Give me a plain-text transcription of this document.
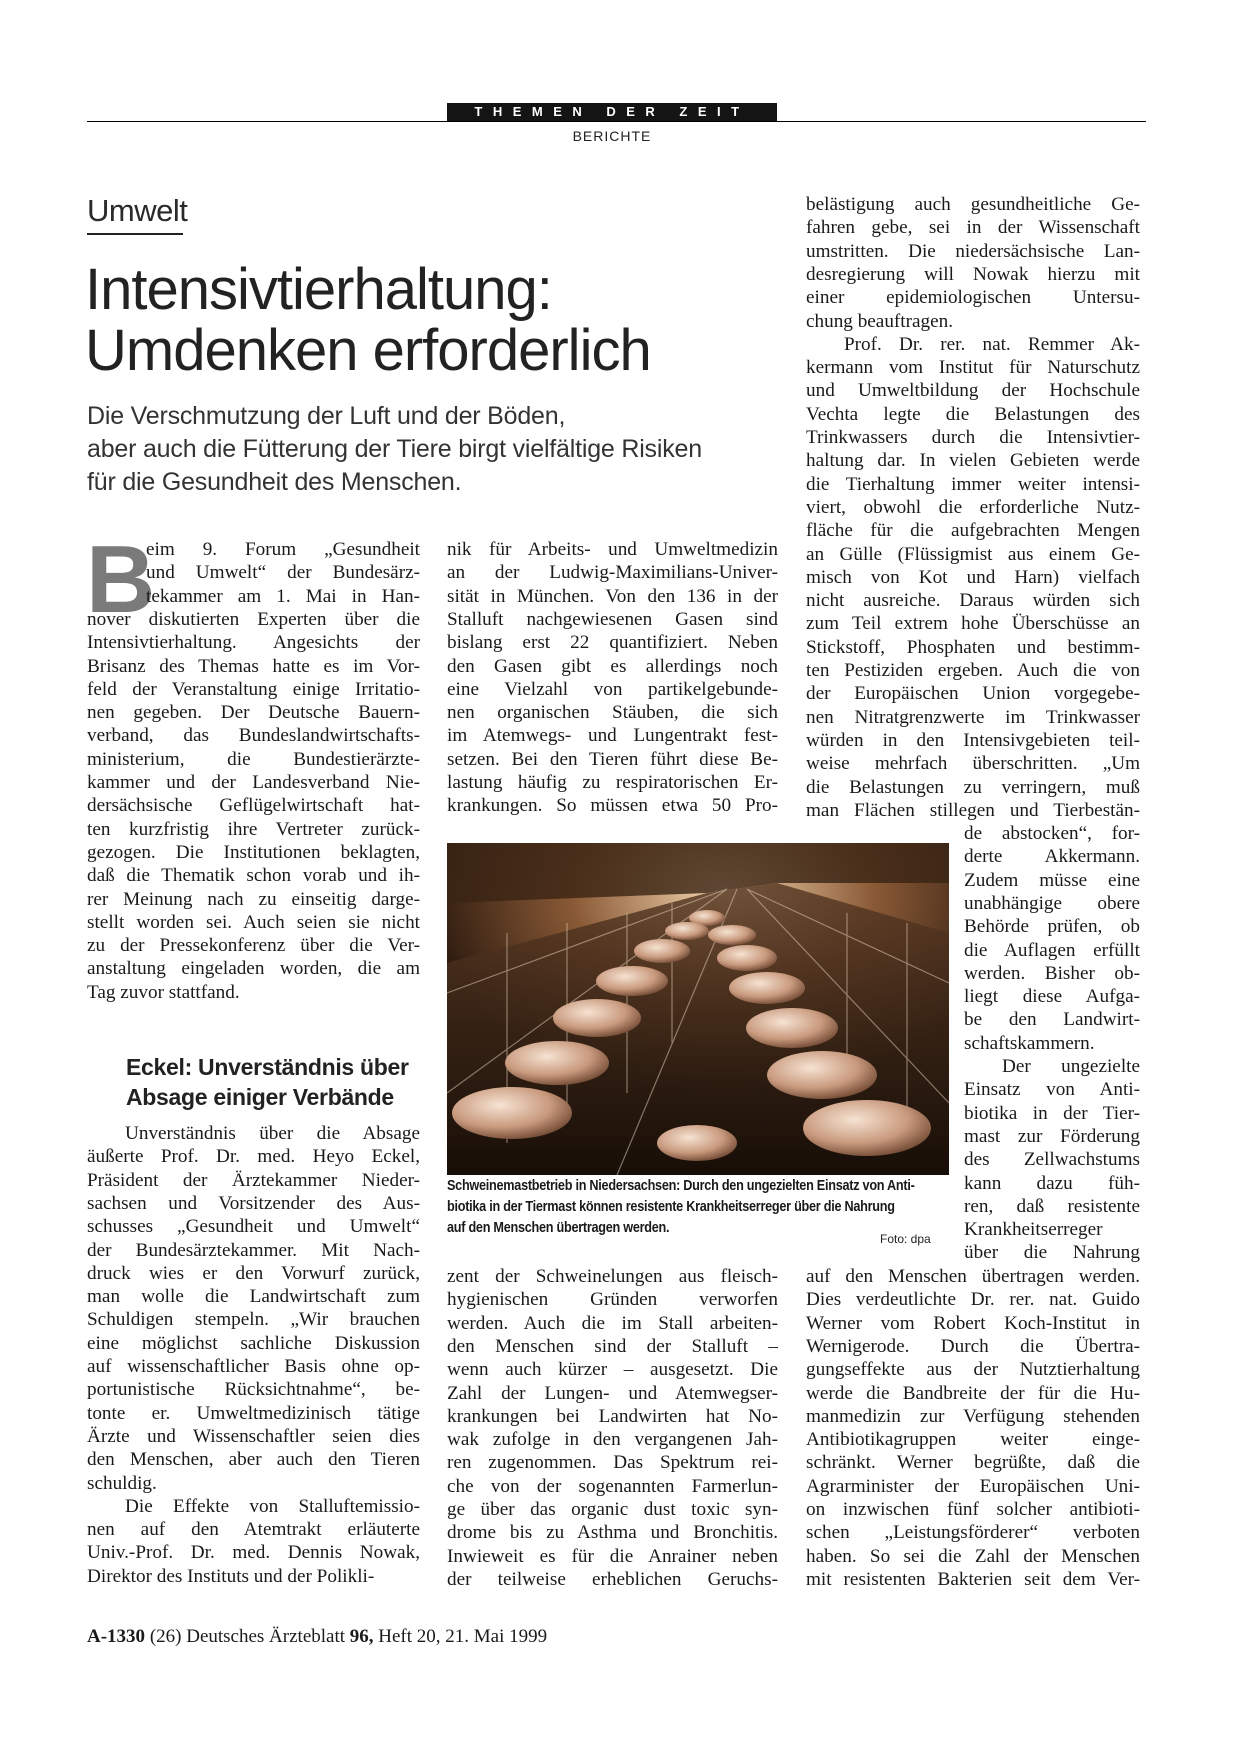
THEMEN DER ZEIT
BERICHTE
Umwelt
Intensivtierhaltung:
Umdenken erforderlich
Die Verschmutzung der Luft und der Böden,
aber auch die Fütterung der Tiere birgt vielfältige Risiken
für die Gesundheit des Menschen.
B
eim 9. Forum „Gesundheit
und Umwelt“ der Bundesärz-
tekammer am 1. Mai in Han-
nover diskutierten Experten über die
Intensivtierhaltung. Angesichts der
Brisanz des Themas hatte es im Vor-
feld der Veranstaltung einige Irritatio-
nen gegeben. Der Deutsche Bauern-
verband, das Bundeslandwirtschafts-
ministerium, die Bundestierärzte-
kammer und der Landesverband Nie-
dersächsische Geflügelwirtschaft hat-
ten kurzfristig ihre Vertreter zurück-
gezogen. Die Institutionen beklagten,
daß die Thematik schon vorab und ih-
rer Meinung nach zu einseitig darge-
stellt worden sei. Auch seien sie nicht
zu der Pressekonferenz über die Ver-
anstaltung eingeladen worden, die am
Tag zuvor stattfand.
Eckel: Unverständnis über
Absage einiger Verbände
Unverständnis über die Absage
äußerte Prof. Dr. med. Heyo Eckel,
Präsident der Ärztekammer Nieder-
sachsen und Vorsitzender des Aus-
schusses „Gesundheit und Umwelt“
der Bundesärztekammer. Mit Nach-
druck wies er den Vorwurf zurück,
man wolle die Landwirtschaft zum
Schuldigen stempeln. „Wir brauchen
eine möglichst sachliche Diskussion
auf wissenschaftlicher Basis ohne op-
portunistische Rücksichtnahme“, be-
tonte er. Umweltmedizinisch tätige
Ärzte und Wissenschaftler seien dies
den Menschen, aber auch den Tieren
schuldig.
Die Effekte von Stalluftemissio-
nen auf den Atemtrakt erläuterte
Univ.-Prof. Dr. med. Dennis Nowak,
Direktor des Instituts und der Polikli-
nik für Arbeits- und Umweltmedizin
an der Ludwig-Maximilians-Univer-
sität in München. Von den 136 in der
Stalluft nachgewiesenen Gasen sind
bislang erst 22 quantifiziert. Neben
den Gasen gibt es allerdings noch
eine Vielzahl von partikelgebunde-
nen organischen Stäuben, die sich
im Atemwegs- und Lungentrakt fest-
setzen. Bei den Tieren führt diese Be-
lastung häufig zu respiratorischen Er-
krankungen. So müssen etwa 50 Pro-
zent der Schweinelungen aus fleisch-
hygienischen Gründen verworfen
werden. Auch die im Stall arbeiten-
den Menschen sind der Stalluft –
wenn auch kürzer – ausgesetzt. Die
Zahl der Lungen- und Atemwegser-
krankungen bei Landwirten hat No-
wak zufolge in den vergangenen Jah-
ren zugenommen. Das Spektrum rei-
che von der sogenannten Farmerlun-
ge über das organic dust toxic syn-
drome bis zu Asthma und Bronchitis.
Inwieweit es für die Anrainer neben
der teilweise erheblichen Geruchs-
belästigung auch gesundheitliche Ge-
fahren gebe, sei in der Wissenschaft
umstritten. Die niedersächsische Lan-
desregierung will Nowak hierzu mit
einer epidemiologischen Untersu-
chung beauftragen.
Prof. Dr. rer. nat. Remmer Ak-
kermann vom Institut für Naturschutz
und Umweltbildung der Hochschule
Vechta legte die Belastungen des
Trinkwassers durch die Intensivtier-
haltung dar. In vielen Gebieten werde
die Tierhaltung immer weiter intensi-
viert, obwohl die erforderliche Nutz-
fläche für die aufgebrachten Mengen
an Gülle (Flüssigmist aus einem Ge-
misch von Kot und Harn) vielfach
nicht ausreiche. Daraus würden sich
zum Teil extrem hohe Überschüsse an
Stickstoff, Phosphaten und bestimm-
ten Pestiziden ergeben. Auch die von
der Europäischen Union vorgegebe-
nen Nitratgrenzwerte im Trinkwasser
würden in den Intensivgebieten teil-
weise mehrfach überschritten. „Um
die Belastungen zu verringern, muß
man Flächen stillegen und Tierbestän-
de abstocken“, for-
derte Akkermann.
Zudem müsse eine
unabhängige obere
Behörde prüfen, ob
die Auflagen erfüllt
werden. Bisher ob-
liegt diese Aufga-
be den Landwirt-
schaftskammern.
Der ungezielte
Einsatz von Anti-
biotika in der Tier-
mast zur Förderung
des Zellwachstums
kann dazu füh-
ren, daß resistente
Krankheitserreger
über die Nahrung
auf den Menschen übertragen werden.
Dies verdeutlichte Dr. rer. nat. Guido
Werner vom Robert Koch-Institut in
Wernigerode. Durch die Übertra-
gungseffekte aus der Nutztierhaltung
werde die Bandbreite der für die Hu-
manmedizin zur Verfügung stehenden
Antibiotikagruppen weiter einge-
schränkt. Werner begrüßte, daß die
Agrarminister der Europäischen Uni-
on inzwischen fünf solcher antibioti-
schen „Leistungsförderer“ verboten
haben. So sei die Zahl der Menschen
mit resistenten Bakterien seit dem Ver-
Schweinemastbetrieb in Niedersachsen: Durch den ungezielten Einsatz von Anti-
biotika in der Tiermast können resistente Krankheitserreger über die Nahrung
auf den Menschen übertragen werden.
Foto: dpa
A-1330 (26) Deutsches Ärzteblatt 96, Heft 20, 21. Mai 1999
